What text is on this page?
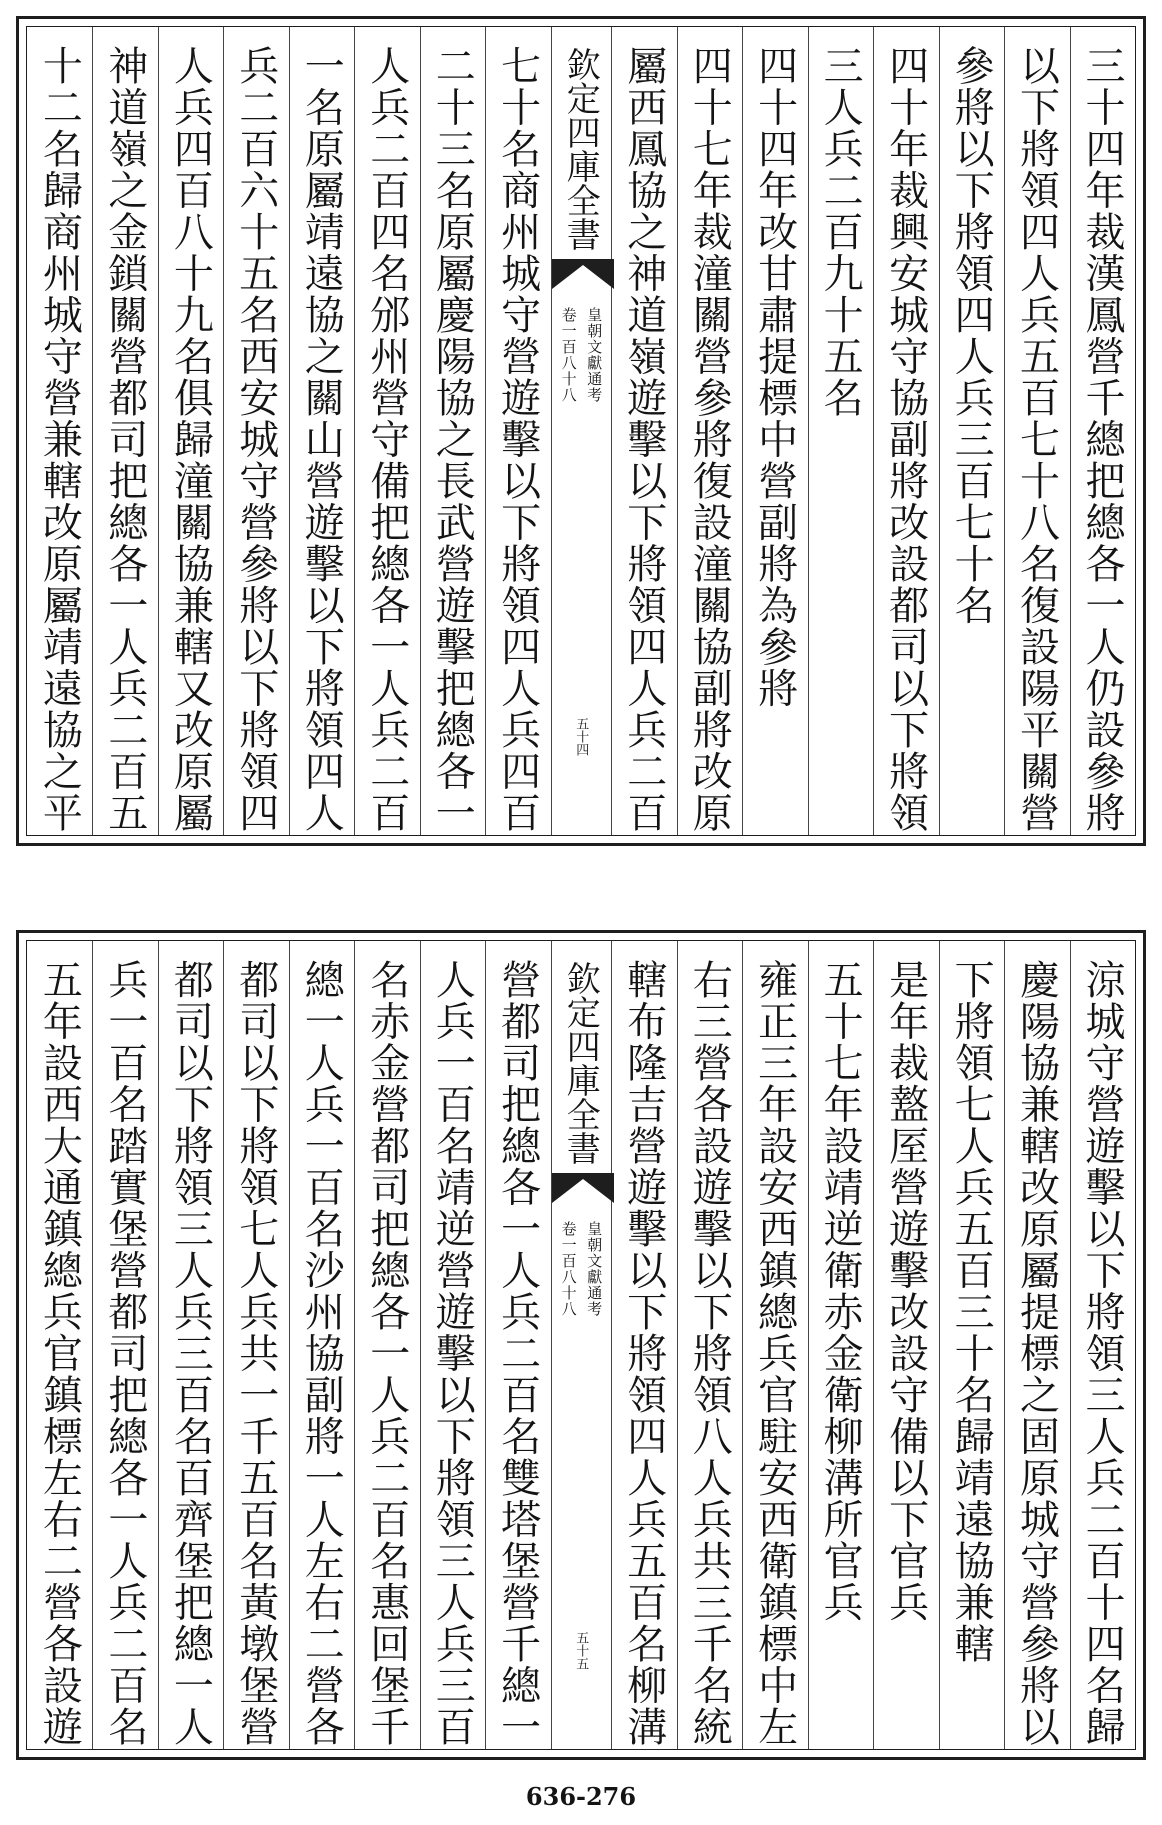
三十四年裁漢鳳營千總把總各一人仍設參將
以下將領四人兵五百七十八名復設陽平關營
參將以下將領四人兵三百七十名
四十年裁興安城守協副將改設都司以下將領
三人兵二百九十五名
四十四年改甘肅提標中營副將為參將
四十七年裁潼關營參將復設潼關協副將改原
屬西鳳協之神道嶺遊擊以下將領四人兵二百
欽定四庫全書
皇朝文獻通考
卷一百八十八
五十四
七十名商州城守營遊擊以下將領四人兵四百
二十三名原屬慶陽協之長武營遊擊把總各一
人兵二百四名邠州營守備把總各一人兵二百
一名原屬靖遠協之關山營遊擊以下將領四人
兵二百六十五名西安城守營參將以下將領四
人兵四百八十九名俱歸潼關協兼轄又改原屬
神道嶺之金鎖關營都司把總各一人兵二百五
十二名歸商州城守營兼轄改原屬靖遠協之平
涼城守營遊擊以下將領三人兵二百十四名歸
慶陽協兼轄改原屬提標之固原城守營參將以
下將領七人兵五百三十名歸靖遠協兼轄
是年裁盩厔營遊擊改設守備以下官兵
五十七年設靖逆衛赤金衛柳溝所官兵
雍正三年設安西鎮總兵官駐安西衛鎮標中左
右三營各設遊擊以下將領八人兵共三千名統
轄布隆吉營遊擊以下將領四人兵五百名柳溝
欽定四庫全書
皇朝文獻通考
卷一百八十八
五十五
營都司把總各一人兵二百名雙塔堡營千總一
人兵一百名靖逆營遊擊以下將領三人兵三百
名赤金營都司把總各一人兵二百名惠回堡千
總一人兵一百名沙州協副將一人左右二營各
都司以下將領七人兵共一千五百名黃墩堡營
都司以下將領三人兵三百名百齊堡把總一人
兵一百名踏實堡營都司把總各一人兵二百名
五年設西大通鎮總兵官鎮標左右二營各設遊
636-276
